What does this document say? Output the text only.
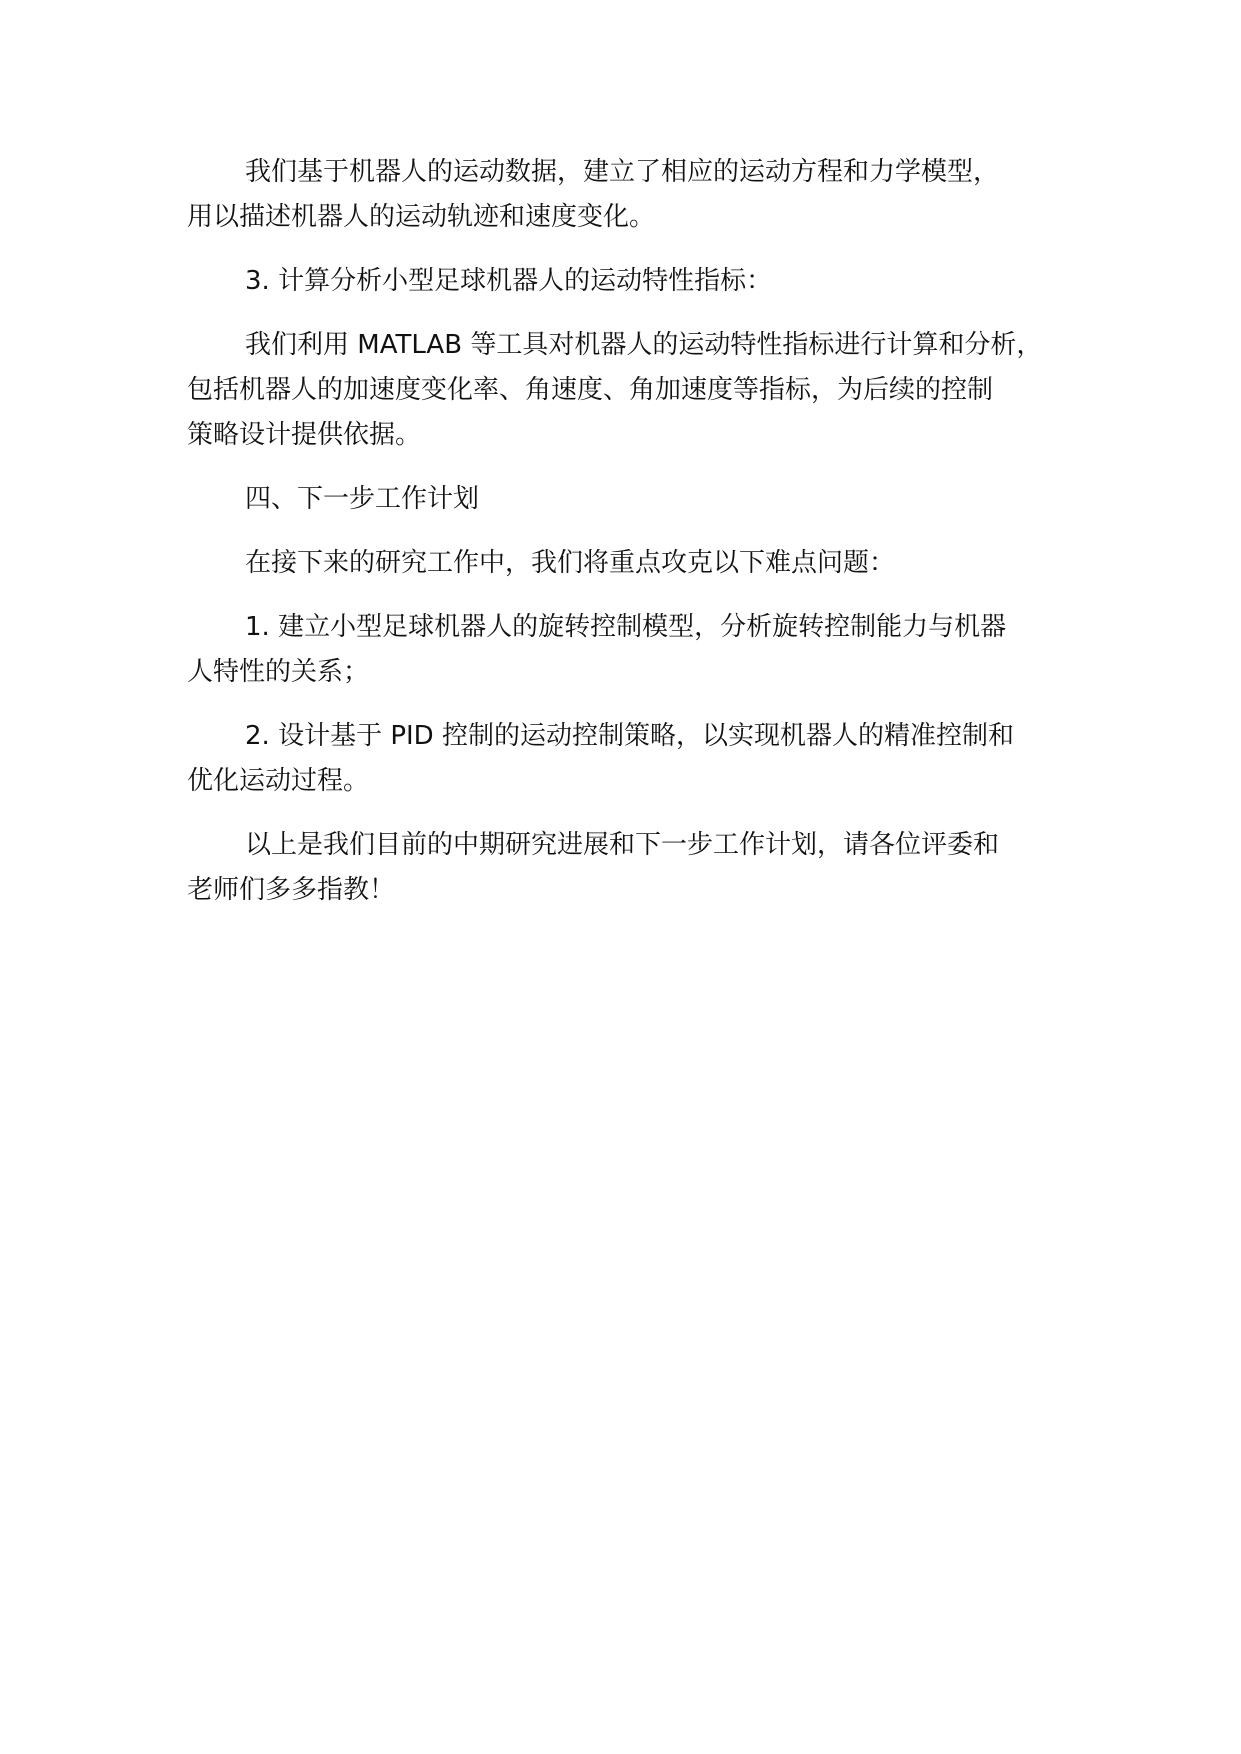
我们基于机器人的运动数据，建立了相应的运动方程和力学模型，
用以描述机器人的运动轨迹和速度变化。

3. 计算分析小型足球机器人的运动特性指标：

我们利用 MATLAB 等工具对机器人的运动特性指标进行计算和分析，
包括机器人的加速度变化率、角速度、角加速度等指标，为后续的控制
策略设计提供依据。

四、下一步工作计划

在接下来的研究工作中，我们将重点攻克以下难点问题：

1. 建立小型足球机器人的旋转控制模型，分析旋转控制能力与机器
人特性的关系；

2. 设计基于 PID 控制的运动控制策略，以实现机器人的精准控制和
优化运动过程。

以上是我们目前的中期研究进展和下一步工作计划，请各位评委和
老师们多多指教！
